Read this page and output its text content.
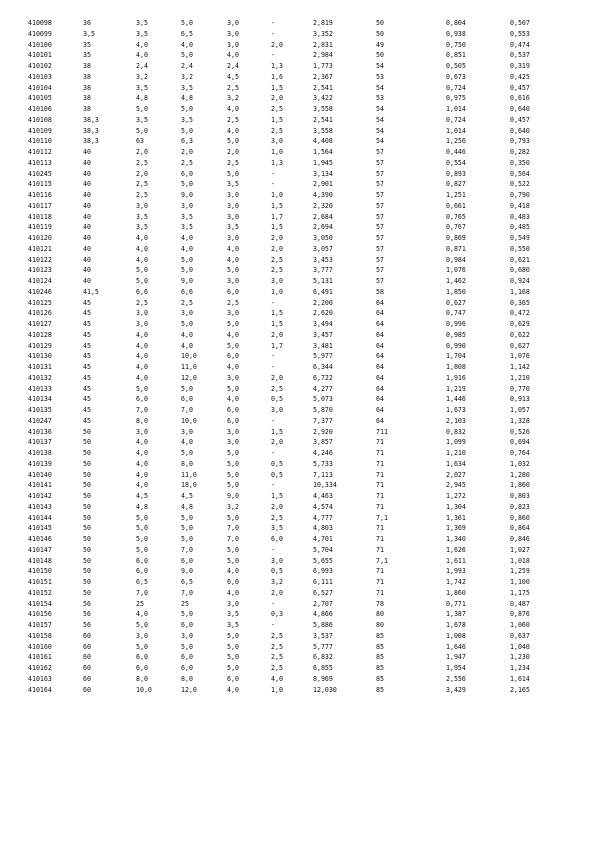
410098	36	3,5	5,0	3,0	-	2,819	50	0,804	0,507
410099	3,5	3,5	6,5	3,0	-	3,352	50	0,938	0,553
410100	35	4,0	4,0	3,0	2,0	2,831	49	0,750	0,474
410101	35	4,0	5,0	4,0	-	2,984	50	0,851	0,537
410102	38	2,4	2,4	2,4	1,3	1,773	54	0,505	0,319
410103	38	3,2	3,2	4,5	1,6	2,367	53	0,673	0,425
410104	38	3,5	3,5	2,5	1,5	2,541	54	0,724	0,457
410105	38	4,8	4,8	3,2	2,0	3,422	53	0,975	0,616
410106	38	5,0	5,0	4,0	2,5	3,558	54	1,014	0,640
410108	38,3	3,5	3,5	2,5	1,5	2,541	54	0,724	0,457
410109	38,3	5,0	5,0	4,0	2,5	3,558	54	1,014	0,640
410110	38,3	63	6,3	5,0	3,0	4,408	54	1,256	0,793
410112	40	2,0	2,0	2,0	1,0	1,564	57	0,446	0,282
410113	40	2,5	2,5	2,5	1,3	1,945	57	0,554	0,350
410245	40	2,0	6,0	5,0	-	3,134	57	0,893	0,564
410115	40	2,5	5,0	3,5	-	2,901	57	0,827	0,522
410116	40	2,5	9,0	3,0	1,0	4,390	57	1,251	0,790
410117	40	3,0	3,0	3,0	1,5	2,320	57	0,661	0,418
410118	40	3,5	3,5	3,0	1,7	2,684	57	0,765	0,483
410119	40	3,5	3,5	3,5	1,5	2,694	57	0,767	0,485
410120	40	4,0	4,0	3,0	2,0	3,050	57	0,869	0,549
410121	40	4,0	4,0	4,0	2,0	3,057	57	0,871	0,550
410122	40	4,0	5,0	4,0	2,5	3,453	57	0,984	0,621
410123	40	5,0	5,0	5,0	2,5	3,777	57	1,076	0,680
410124	40	5,0	9,0	3,0	3,0	5,131	57	1,462	0,924
410246	41,5	6,6	6,6	6,0	1,0	6,491	58	1,850	1,168
410125	45	2,5	2,5	2,5	-	2,200	64	0,627	0,365
410126	45	3,0	3,0	3,0	1,5	2,620	64	0,747	0,472
410127	45	3,0	5,0	5,0	1,5	3,494	64	0,996	0,629
410128	45	4,0	4,0	4,0	2,0	3,457	64	0,985	0,622
410129	45	4,0	4,0	5,0	1,7	3,481	64	0,990	0,627
410130	45	4,0	10,0	6,0	-	5,977	64	1,704	1,076
410131	45	4,0	11,0	4,0	-	6,344	64	1,808	1,142
410132	45	4,0	12,0	3,0	2,0	6,722	64	1,916	1,210
410133	45	5,0	5,0	5,0	2,5	4,277	64	1,219	0,770
410134	45	6,0	6,0	4,0	0,5	5,073	64	1,446	0,913
410135	45	7,0	7,0	6,0	3,0	5,870	64	1,673	1,057
410247	45	8,0	10,0	6,0	-	7,377	64	2,103	1,328
410136	50	3,0	3,0	3,0	1,5	2,920	711	0,832	0,526
410137	50	4,0	4,0	3,0	2,0	3,857	71	1,099	0,694
410138	50	4,0	5,0	5,0	-	4,246	71	1,210	0,764
410139	50	4,0	8,0	5,0	0,5	5,733	71	1,634	1,032
410140	50	4,0	11,0	5,0	0,5	7,113	71	2,027	1,280
410141	50	4,0	18,0	5,0	-	10,334	71	2,945	1,860
410142	50	4,5	4,5	9,0	1,5	4,463	71	1,272	0,803
410143	50	4,8	4,8	3,2	2,0	4,574	71	1,304	0,823
410144	50	5,0	5,0	5,0	2,5	4,777	7,1	1,361	0,860
410145	50	5,0	5,0	7,0	3,5	4,803	71	1,369	0,864
410146	50	5,0	5,0	7,0	6,0	4,701	71	1,340	0,846
410147	50	5,0	7,0	5,0	-	5,704	71	1,626	1,027
410148	50	6,0	6,0	5,0	3,0	5,655	7,1	1,611	1,018
410150	50	6,0	9,0	4,0	0,5	6,993	71	1,993	1,259
410151	50	6,5	6,5	6,0	3,2	6,111	71	1,742	1,100
410152	50	7,0	7,0	4,0	2,0	6,527	71	1,860	1,175
410154	56	25	25	3,0	-	2,707	78	0,771	0,487
410156	56	4,0	5,0	3,5	0,3	4,866	80	1,387	0,876
410157	56	5,0	6,0	3,5	-	5,886	80	1,678	1,060
410158	60	3,0	3,0	5,0	2,5	3,537	85	1,008	0,637
410160	60	5,0	5,0	5,0	2,5	5,777	85	1,646	1,040
410161	60	6,0	6,0	5,0	2,5	6,832	85	1,947	1,230
410162	60	6,0	6,0	5,0	2,5	6,855	85	1,954	1,234
410163	60	8,0	8,0	6,0	4,0	8,969	85	2,556	1,614
410164	60	10,0	12,0	4,0	1,0	12,030	85	3,429	2,165
